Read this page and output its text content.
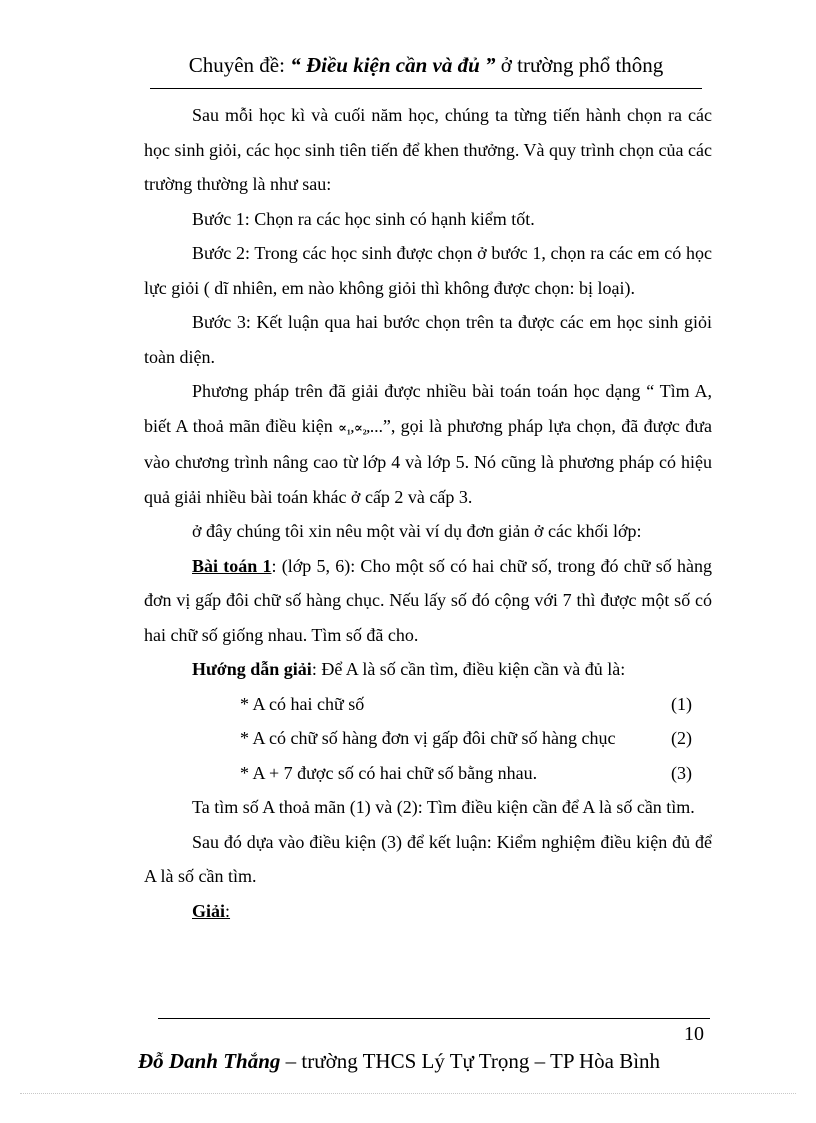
Chuyên đề: “ Điều kiện cần và đủ ” ở trường phổ thông

Sau mỗi học kì và cuối năm học, chúng ta từng tiến hành chọn ra các học sinh giỏi, các học sinh tiên tiến để khen thưởng. Và quy trình chọn của các trường thường là như sau:

Bước 1: Chọn ra các học sinh có hạnh kiểm tốt.

Bước 2: Trong các học sinh được chọn ở bước 1, chọn ra các em có học lực giỏi ( dĩ nhiên, em nào không giỏi thì không được chọn: bị loại).

Bước 3: Kết luận qua hai bước chọn trên ta được các em học sinh giỏi toàn diện.

Phương pháp trên đã giải được nhiều bài toán toán học dạng “ Tìm A, biết A thoả mãn điều kiện ∝₁,∝₂,…”, gọi là phương pháp lựa chọn, đã được đưa vào chương trình nâng cao từ lớp 4 và lớp 5. Nó cũng là phương pháp có hiệu quả giải nhiều bài toán khác ở cấp 2 và cấp 3.

ở đây chúng tôi xin nêu một vài ví dụ đơn giản ở các khối lớp:

Bài toán 1: (lớp 5, 6): Cho một số có hai chữ số, trong đó chữ số hàng đơn vị gấp đôi chữ số hàng chục. Nếu lấy số đó cộng với 7 thì được một số có hai chữ số giống nhau. Tìm số đã cho.

Hướng dẫn giải: Để A là số cần tìm, điều kiện cần và đủ là:

* A có hai chữ số	(1)
* A có chữ số hàng đơn vị gấp đôi chữ số hàng chục	(2)
* A + 7 được số có hai chữ số bằng nhau.	(3)

Ta tìm số A thoả mãn (1) và (2): Tìm điều kiện cần để A là số cần tìm.

Sau đó dựa vào điều kiện (3) để kết luận: Kiểm nghiệm điều kiện đủ để A là số cần tìm.

Giải:

10
Đỗ Danh Thắng – trường THCS Lý Tự Trọng – TP Hòa Bình
